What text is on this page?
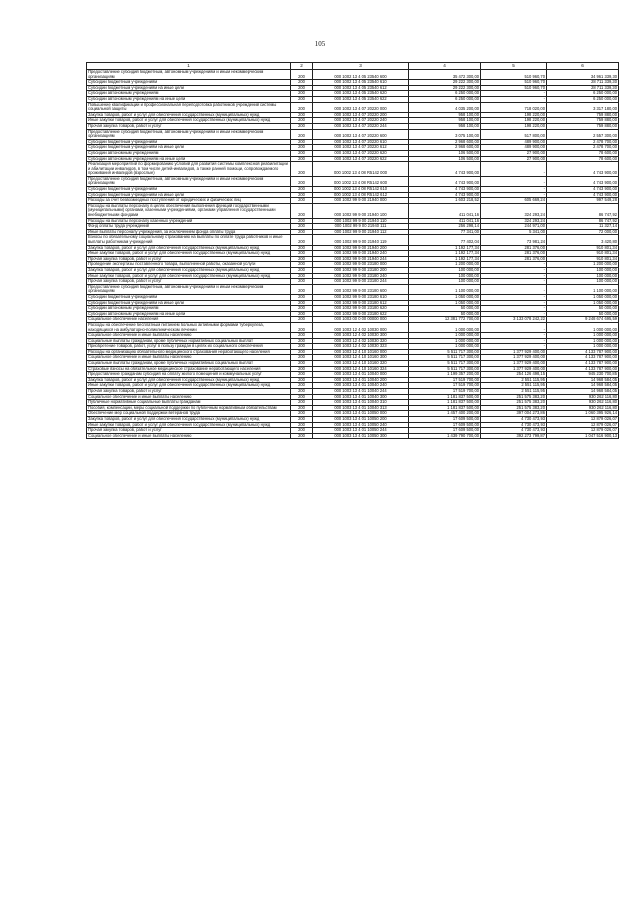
105
1	2	3	4	5	6
Предоставление субсидий бюджетным, автономным учреждениям и иным некоммерческим организациям	200	000 1002 13 4 05 23540 600	35 472 300,00	510 960,70	34 961 339,30
Субсидии бюджетным учреждениям	200	000 1002 13 4 05 23540 610	29 222 300,00	510 960,70	28 711 339,30
Субсидии бюджетным учреждениям на иные цели	200	000 1002 13 4 05 23540 612	29 222 300,00	510 960,70	28 711 339,30
Субсидии автономным учреждениям	200	000 1002 13 4 05 23540 620	6 250 000,00	-	6 250 000,00
Субсидии автономным учреждениям на иные цели	200	000 1002 13 4 05 23540 622	6 250 000,00	-	6 250 000,00
Повышение квалификации и профессиональная переподготовка работников учреждений системы социальной защиты	200	000 1002 13 4 07 20220 000	4 035 200,00	718 020,00	3 317 180,00
Закупка товаров, работ и услуг для обеспечения государственных (муниципальных) нужд	200	000 1002 13 4 07 20220 200	958 100,00	198 220,00	759 880,00
Иные закупки товаров, работ и услуг для обеспечения государственных (муниципальных) нужд	200	000 1002 13 4 07 20220 240	958 100,00	198 220,00	759 880,00
Прочая закупка товаров, работ и услуг	200	000 1002 13 4 07 20220 244	958 100,00	198 220,00	759 880,00
Предоставление субсидий бюджетным, автономным учреждениям и иным некоммерческим организациям	200	000 1002 13 4 07 20220 600	3 075 100,00	517 800,00	2 557 300,00
Субсидии бюджетным учреждениям	200	000 1002 13 4 07 20220 610	2 968 600,00	489 900,00	2 478 700,00
Субсидии бюджетным учреждениям на иные цели	200	000 1002 13 4 07 20220 612	2 968 600,00	489 900,00	2 478 700,00
Субсидии автономным учреждениям	200	000 1002 13 4 07 20220 620	106 500,00	27 900,00	78 600,00
Субсидии автономным учреждениям на иные цели	200	000 1002 13 4 07 20220 622	106 500,00	27 900,00	78 600,00
Реализация мероприятий по формированию условий для развития системы комплексной реабилитации и абилитации инвалидов, в том числе детей-инвалидов, а также ранней помощи, сопровождаемого проживания инвалидов (взрослые)	200	000 1002 13 4 08 R5142 000	4 743 900,00	-	4 743 900,00
Предоставление субсидий бюджетным, автономным учреждениям и иным некоммерческим организациям	200	000 1002 13 4 08 R5142 600	4 743 900,00	-	4 743 900,00
Субсидии бюджетным учреждениям	200	000 1002 13 4 08 R5142 610	4 743 900,00	-	4 743 900,00
Субсидии бюджетным учреждениям на иные цели	200	000 1002 13 4 08 R5142 612	4 743 900,00	-	4 743 900,00
Расходы за счет безвозмездных поступлений от юридических и физических лиц	200	000 1002 99 9 00 21940 000	1 603 218,52	605 669,24	997 549,28
Расходы на выплаты персоналу в целях обеспечения выполнения функций государственными (муниципальными) органами, казенными учреждениями, органами управления государственными внебюджетными фондами	200	000 1002 99 9 00 21940 100	411 041,16	324 293,24	86 747,92
Расходы на выплаты персоналу казенных учреждений	200	000 1002 99 9 00 21940 110	411 041,16	324 293,24	86 747,92
Фонд оплаты труда учреждений	200	000 1002 99 9 00 21940 111	256 298,14	244 971,00	11 327,14
Иные выплаты персоналу учреждений, за исключением фонда оплаты труда	200	000 1002 99 9 00 21940 112	77 341,00	5 341,00	72 000,00
Взносы по обязательному социальному страхованию на выплаты по оплате труда работников и иные выплаты работникам учреждений	200	000 1002 99 9 00 21940 119	77 402,04	73 981,24	3 420,80
Закупка товаров, работ и услуг для обеспечения государственных (муниципальных) нужд	200	000 1002 99 9 00 21940 200	1 192 177,34	281 376,00	910 801,34
Иные закупки товаров, работ и услуг для обеспечения государственных (муниципальных) нужд	200	000 1002 99 9 00 21940 240	1 192 177,34	281 376,00	910 801,34
Прочая закупка товаров, работ и услуг	200	000 1002 99 9 00 21940 244	1 192 177,34	281 376,00	910 801,34
Проведение экспертизы поставленного товара, выполненной работы, оказанной услуги	200	000 1002 99 9 00 23180 000	1 200 000,00	-	1 200 000,00
Закупка товаров, работ и услуг для обеспечения государственных (муниципальных) нужд	200	000 1002 99 9 00 23180 200	100 000,00	-	100 000,00
Иные закупки товаров, работ и услуг для обеспечения государственных (муниципальных) нужд	200	000 1002 99 9 00 23180 240	100 000,00	-	100 000,00
Прочая закупка товаров, работ и услуг	200	000 1002 99 9 00 23180 244	100 000,00	-	100 000,00
Предоставление субсидий бюджетным, автономным учреждениям и иным некоммерческим организациям	200	000 1002 99 9 00 23180 600	1 100 000,00	-	1 100 000,00
Субсидии бюджетным учреждениям	200	000 1002 99 9 00 23180 610	1 050 000,00	-	1 050 000,00
Субсидии бюджетным учреждениям на иные цели	200	000 1002 99 9 00 23180 612	1 050 000,00	-	1 050 000,00
Субсидии автономным учреждениям	200	000 1002 99 9 00 23180 620	50 000,00	-	50 000,00
Субсидии автономным учреждениям на иные цели	200	000 1002 99 9 00 23180 622	50 000,00	-	50 000,00
Социальное обеспечение населения	200	000 1003 00 0 00 00000 000	12 381 772 700,00	3 133 078 242,22	9 248 674 695,59
Расходы на обеспечение бесплатным питанием больных активными формами туберкулеза, находящихся на амбулаторно-поликлиническом лечении	200	000 1003 12 4 02 10030 000	1 000 000,00	-	1 000 000,00
Социальное обеспечение и иные выплаты населению	200	000 1003 12 4 02 10030 300	1 000 000,00	-	1 000 000,00
Социальные выплаты гражданам, кроме публичных нормативных социальных выплат	200	000 1003 12 4 02 10030 320	1 000 000,00	-	1 000 000,00
Приобретение товаров, работ, услуг в пользу граждан в целях их социального обеспечения	200	000 1003 12 4 02 10030 323	1 000 000,00	-	1 000 000,00
Расходы на организацию обязательного медицинского страхования неработающего населения	200	000 1003 12 4 10 10160 000	5 511 717 300,00	1 377 929 400,00	4 133 787 900,00
Социальное обеспечение и иные выплаты населению	200	000 1003 12 4 10 10160 300	5 511 717 300,00	1 377 929 400,00	4 133 787 900,00
Социальные выплаты гражданам, кроме публичных нормативных социальных выплат	200	000 1003 12 4 10 10160 320	5 511 717 300,00	1 377 929 400,00	4 133 787 900,00
Страховые взносы на обязательное медицинское страхование неработающего населения	200	000 1003 12 4 10 10160 324	5 511 717 300,00	1 377 929 400,00	4 133 787 900,00
Предоставление гражданам субсидий на оплату жилого помещения и коммунальных услуг	200	000 1003 13 4 01 10040 000	1 199 357 200,00	254 126 498,15	945 230 700,85
Закупка товаров, работ и услуг для обеспечения государственных (муниципальных) нужд	200	000 1003 13 4 01 10040 200	17 519 700,00	2 551 115,95	14 968 584,05
Иные закупки товаров, работ и услуг для обеспечения государственных (муниципальных) нужд	200	000 1003 13 4 01 10040 240	17 519 700,00	2 551 115,95	14 968 584,05
Прочая закупка товаров, работ и услуг	200	000 1003 13 4 01 10040 244	17 519 700,00	2 551 115,95	14 968 584,05
Социальное обеспечение и иные выплаты населению	200	000 1003 13 4 01 10040 300	1 181 837 500,00	251 575 383,20	930 262 116,80
Публичные нормативные социальные выплаты гражданам	200	000 1003 13 4 01 10040 310	1 181 837 500,00	251 575 383,20	930 262 116,80
Пособия, компенсации, меры социальной поддержки по публичным нормативным обязательствам	200	000 1003 13 4 01 10040 313	1 181 837 500,00	251 575 383,20	930 262 116,80
Обеспечение мер социальной поддержки ветеранов труда	200	000 1003 13 4 01 10050 000	1 457 400 200,00	397 004 273,86	1 060 395 926,14
Закупка товаров, работ и услуг для обеспечения государственных (муниципальных) нужд	200	000 1003 13 4 01 10050 200	17 609 500,00	4 730 473,93	12 879 026,07
Иные закупки товаров, работ и услуг для обеспечения государственных (муниципальных) нужд	200	000 1003 13 4 01 10050 240	17 609 500,00	4 730 473,93	12 879 026,07
Прочая закупка товаров, работ и услуг	200	000 1003 13 4 01 10050 244	17 609 500,00	4 730 473,93	12 879 026,07
Социальное обеспечение и иные выплаты населению	200	000 1003 13 4 01 10050 300	1 439 790 700,00	392 273 799,87	1 047 516 900,13
